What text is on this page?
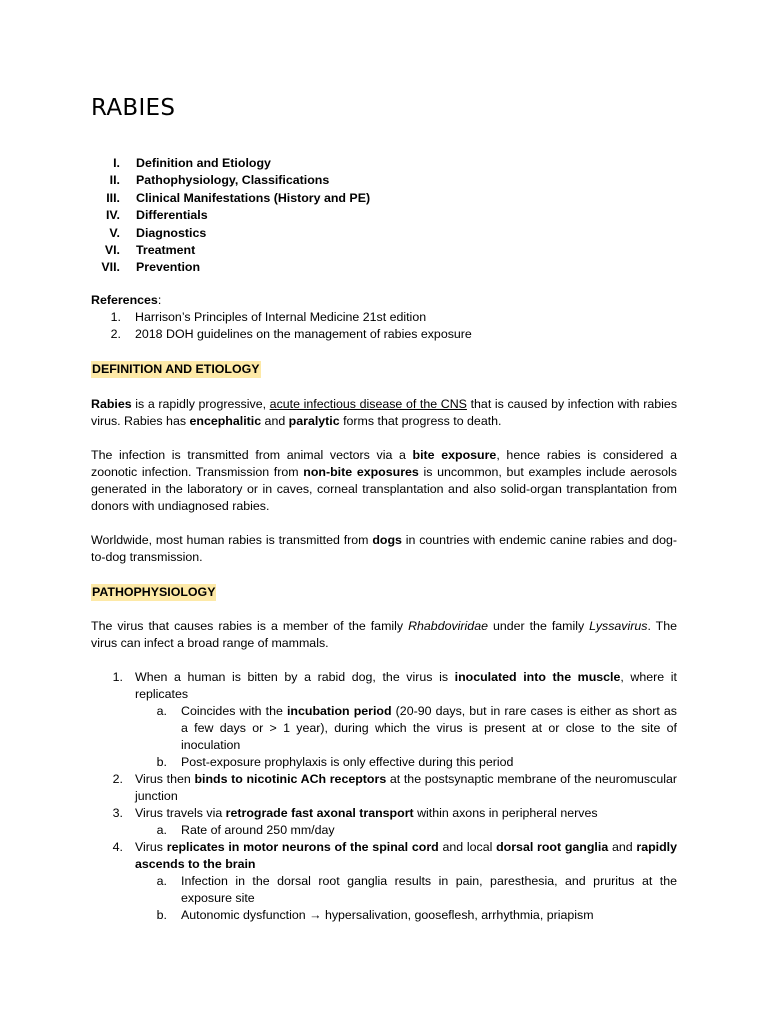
RABIES
I. Definition and Etiology
II. Pathophysiology, Classifications
III. Clinical Manifestations (History and PE)
IV. Differentials
V. Diagnostics
VI. Treatment
VII. Prevention
References:
1. Harrison’s Principles of Internal Medicine 21st edition
2. 2018 DOH guidelines on the management of rabies exposure
DEFINITION AND ETIOLOGY
Rabies is a rapidly progressive, acute infectious disease of the CNS that is caused by infection with rabies virus. Rabies has encephalitic and paralytic forms that progress to death.
The infection is transmitted from animal vectors via a bite exposure, hence rabies is considered a zoonotic infection. Transmission from non-bite exposures is uncommon, but examples include aerosols generated in the laboratory or in caves, corneal transplantation and also solid-organ transplantation from donors with undiagnosed rabies.
Worldwide, most human rabies is transmitted from dogs in countries with endemic canine rabies and dog-to-dog transmission.
PATHOPHYSIOLOGY
The virus that causes rabies is a member of the family Rhabdoviridae under the family Lyssavirus. The virus can infect a broad range of mammals.
1. When a human is bitten by a rabid dog, the virus is inoculated into the muscle, where it replicates
a. Coincides with the incubation period (20-90 days, but in rare cases is either as short as a few days or > 1 year), during which the virus is present at or close to the site of inoculation
b. Post-exposure prophylaxis is only effective during this period
2. Virus then binds to nicotinic ACh receptors at the postsynaptic membrane of the neuromuscular junction
3. Virus travels via retrograde fast axonal transport within axons in peripheral nerves
a. Rate of around 250 mm/day
4. Virus replicates in motor neurons of the spinal cord and local dorsal root ganglia and rapidly ascends to the brain
a. Infection in the dorsal root ganglia results in pain, paresthesia, and pruritus at the exposure site
b. Autonomic dysfunction → hypersalivation, gooseflesh, arrhythmia, priapism
